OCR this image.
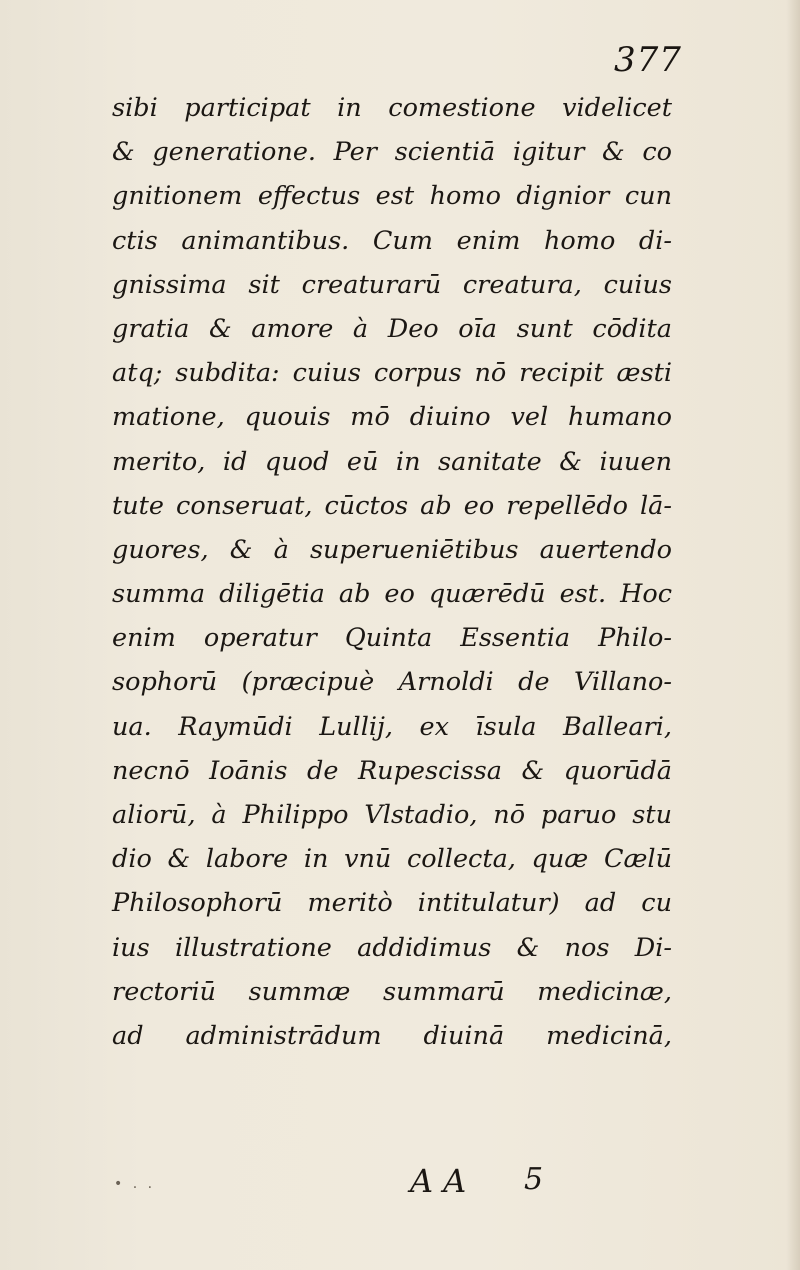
377
sibi participat in comestione videlicet
& generatione. Per scientiā igitur & co
gnitionem effectus est homo dignior cun
ctis animantibus. Cum enim homo di-
gnissima sit creaturarū creatura, cuius
gratia & amore à Deo oīa sunt cōdita
atq; subdita: cuius corpus nō recipit æsti
matione, quouis mō diuino vel humano
merito, id quod eū in sanitate & iuuen
tute conseruat, cūctos ab eo repellēdo lā-
guores, & à superueniētibus auertendo
summa diligētia ab eo quærēdū est. Hoc
enim operatur Quinta Essentia Philo-
sophorū (præcipuè Arnoldi de Villano-
ua. Raymūdi Lullij, ex īsula Balleari,
necnō Ioānis de Rupescissa & quorūdā
aliorū, à Philippo Vlstadio, nō paruo stu
dio & labore in vnū collecta, quæ Cælū
Philosophorū meritò intitulatur) ad cu
ius illustratione addidimus & nos Di-
rectoriū summæ summarū medicinæ,
ad administrādum diuinā medicinā,
AA 5
• . .
